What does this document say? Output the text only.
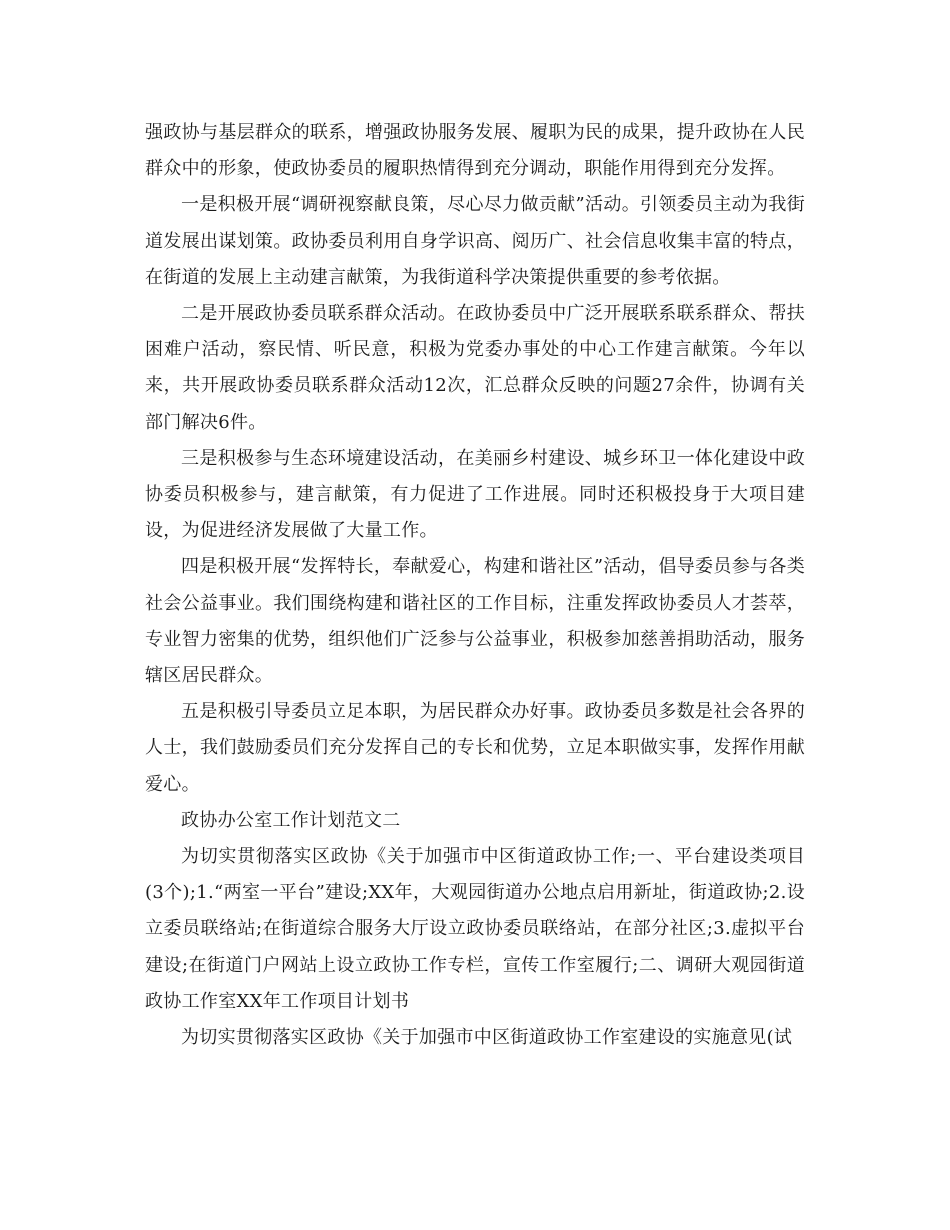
强政协与基层群众的联系，增强政协服务发展、履职为民的成果，提升政协在人民群众中的形象，使政协委员的履职热情得到充分调动，职能作用得到充分发挥。

一是积极开展“调研视察献良策，尽心尽力做贡献”活动。引领委员主动为我街道发展出谋划策。政协委员利用自身学识高、阅历广、社会信息收集丰富的特点，在街道的发展上主动建言献策，为我街道科学决策提供重要的参考依据。

二是开展政协委员联系群众活动。在政协委员中广泛开展联系联系群众、帮扶困难户活动，察民情、听民意，积极为党委办事处的中心工作建言献策。今年以来，共开展政协委员联系群众活动12次，汇总群众反映的问题27余件，协调有关部门解决6件。

三是积极参与生态环境建设活动，在美丽乡村建设、城乡环卫一体化建设中政协委员积极参与，建言献策，有力促进了工作进展。同时还积极投身于大项目建设，为促进经济发展做了大量工作。

四是积极开展“发挥特长，奉献爱心，构建和谐社区”活动，倡导委员参与各类社会公益事业。我们围绕构建和谐社区的工作目标，注重发挥政协委员人才荟萃，专业智力密集的优势，组织他们广泛参与公益事业，积极参加慈善捐助活动，服务辖区居民群众。

五是积极引导委员立足本职，为居民群众办好事。政协委员多数是社会各界的人士，我们鼓励委员们充分发挥自己的专长和优势，立足本职做实事，发挥作用献爱心。

政协办公室工作计划范文二

为切实贯彻落实区政协《关于加强市中区街道政协工作;一、平台建设类项目(3个);1.“两室一平台”建设;XX年，大观园街道办公地点启用新址，街道政协;2.设立委员联络站;在街道综合服务大厅设立政协委员联络站，在部分社区;3.虚拟平台建设;在街道门户网站上设立政协工作专栏，宣传工作室履行;二、调研大观园街道政协工作室XX年工作项目计划书

为切实贯彻落实区政协《关于加强市中区街道政协工作室建设的实施意见(试
